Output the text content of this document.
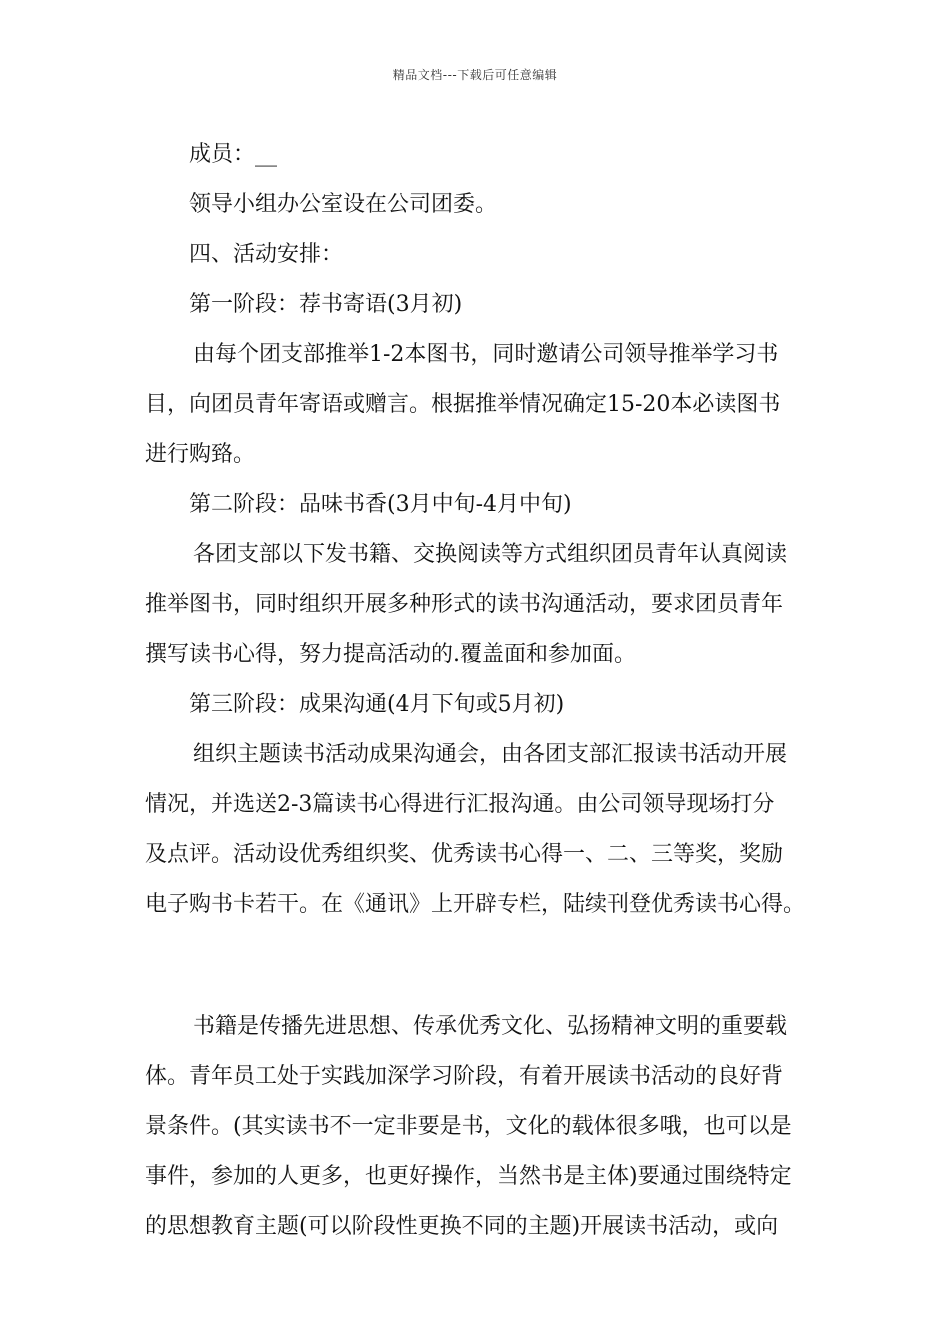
精品文档---下载后可任意编辑
成员：__
领导小组办公室设在公司团委。
四、活动安排：
第一阶段：荐书寄语(3月初)
由每个团支部推举1-2本图书，同时邀请公司领导推举学习书
目，向团员青年寄语或赠言。根据推举情况确定15-20本必读图书
进行购臵。
第二阶段：品味书香(3月中旬-4月中旬)
各团支部以下发书籍、交换阅读等方式组织团员青年认真阅读
推举图书，同时组织开展多种形式的读书沟通活动，要求团员青年
撰写读书心得，努力提高活动的.覆盖面和参加面。
第三阶段：成果沟通(4月下旬或5月初)
组织主题读书活动成果沟通会，由各团支部汇报读书活动开展
情况，并选送2-3篇读书心得进行汇报沟通。由公司领导现场打分
及点评。活动设优秀组织奖、优秀读书心得一、二、三等奖，奖励
电子购书卡若干。在《通讯》上开辟专栏，陆续刊登优秀读书心得。
书籍是传播先进思想、传承优秀文化、弘扬精神文明的重要载
体。青年员工处于实践加深学习阶段，有着开展读书活动的良好背
景条件。(其实读书不一定非要是书，文化的载体很多哦，也可以是
事件，参加的人更多，也更好操作，当然书是主体)要通过围绕特定
的思想教育主题(可以阶段性更换不同的主题)开展读书活动，或向
